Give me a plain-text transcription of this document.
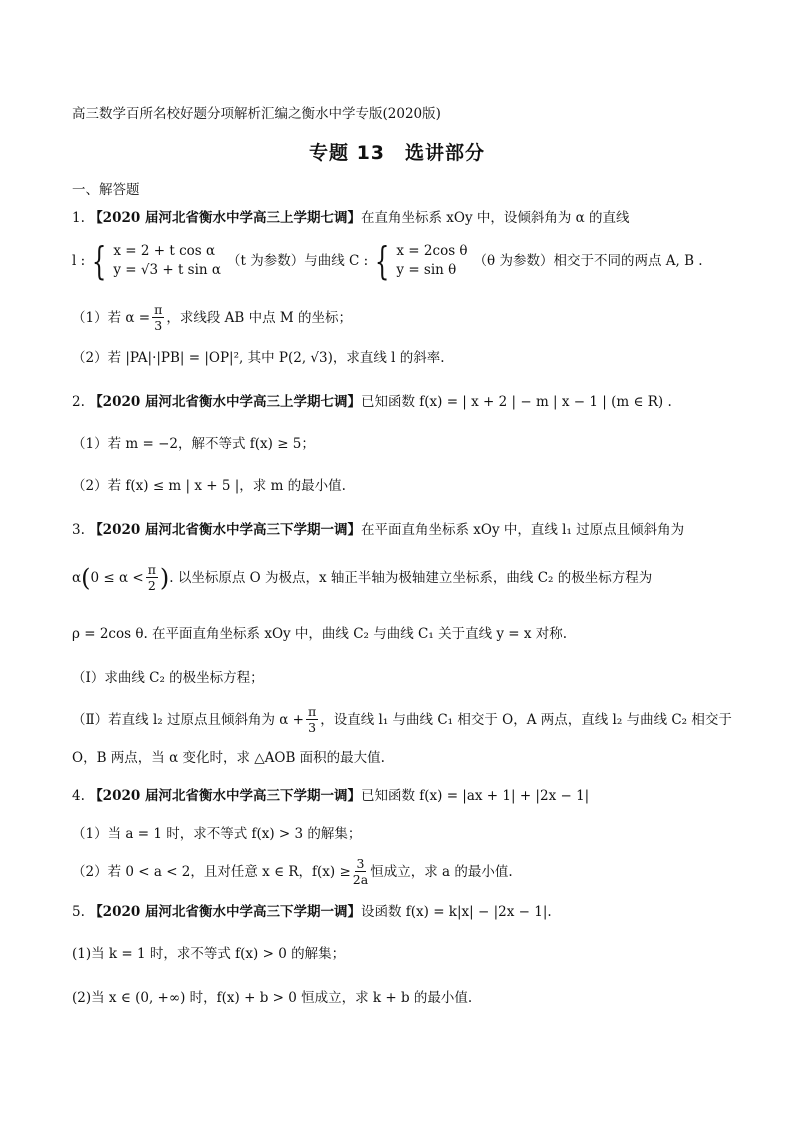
高三数学百所名校好题分项解析汇编之衡水中学专版(2020版)
专题 13　选讲部分
一、解答题
1. 【2020 届河北省衡水中学高三上学期七调】在直角坐标系 xOy 中，设倾斜角为 α 的直线
l : { x = 2 + t cos α
y = √3 + t sin α
（t 为参数）与曲线 C : { x = 2cos θ
y = sin θ
（θ 为参数）相交于不同的两点 A, B .
（1）若 $\alpha = \frac{\pi}{3}$ ，求线段 AB 中点 M 的坐标；
（2）若 |PA|·|PB| = |OP|², 其中 P(2, √3)，求直线 l 的斜率.
2. 【2020 届河北省衡水中学高三上学期七调】已知函数 f(x) = | x + 2 | − m | x − 1 | (m ∈ R) .
（1）若 m = −2，解不等式 f(x) ≥ 5；
（2）若 f(x) ≤ m | x + 5 |，求 m 的最小值.
3. 【2020 届河北省衡水中学高三下学期一调】在平面直角坐标系 xOy 中，直线 l₁ 过原点且倾斜角为
α ( $0 \le \alpha < \frac{\pi}{2}$ ) . 以坐标原点 O 为极点，x 轴正半轴为极轴建立坐标系，曲线 C₂ 的极坐标方程为
ρ = 2cos θ. 在平面直角坐标系 xOy 中，曲线 C₂ 与曲线 C₁ 关于直线 y = x 对称.
（Ⅰ）求曲线 C₂ 的极坐标方程；
（Ⅱ）若直线 l₂ 过原点且倾斜角为 $\alpha + \frac{\pi}{3}$ ，设直线 l₁ 与曲线 C₁ 相交于 O，A 两点，直线 l₂ 与曲线 C₂ 相交于
O，B 两点，当 α 变化时，求 △AOB 面积的最大值.
4. 【2020 届河北省衡水中学高三下学期一调】已知函数 f(x) = |ax + 1| + |2x − 1|
（1）当 a = 1 时，求不等式 f(x) > 3 的解集；
（2）若 0 < a < 2，且对任意 x ∈ R，$f(x) \ge \frac{3}{2a}$ 恒成立，求 a 的最小值.
5. 【2020 届河北省衡水中学高三下学期一调】设函数 f(x) = k|x| − |2x − 1|.
(1)当 k = 1 时，求不等式 f(x) > 0 的解集；
(2)当 x ∈ (0, +∞) 时，f(x) + b > 0 恒成立，求 k + b 的最小值.
